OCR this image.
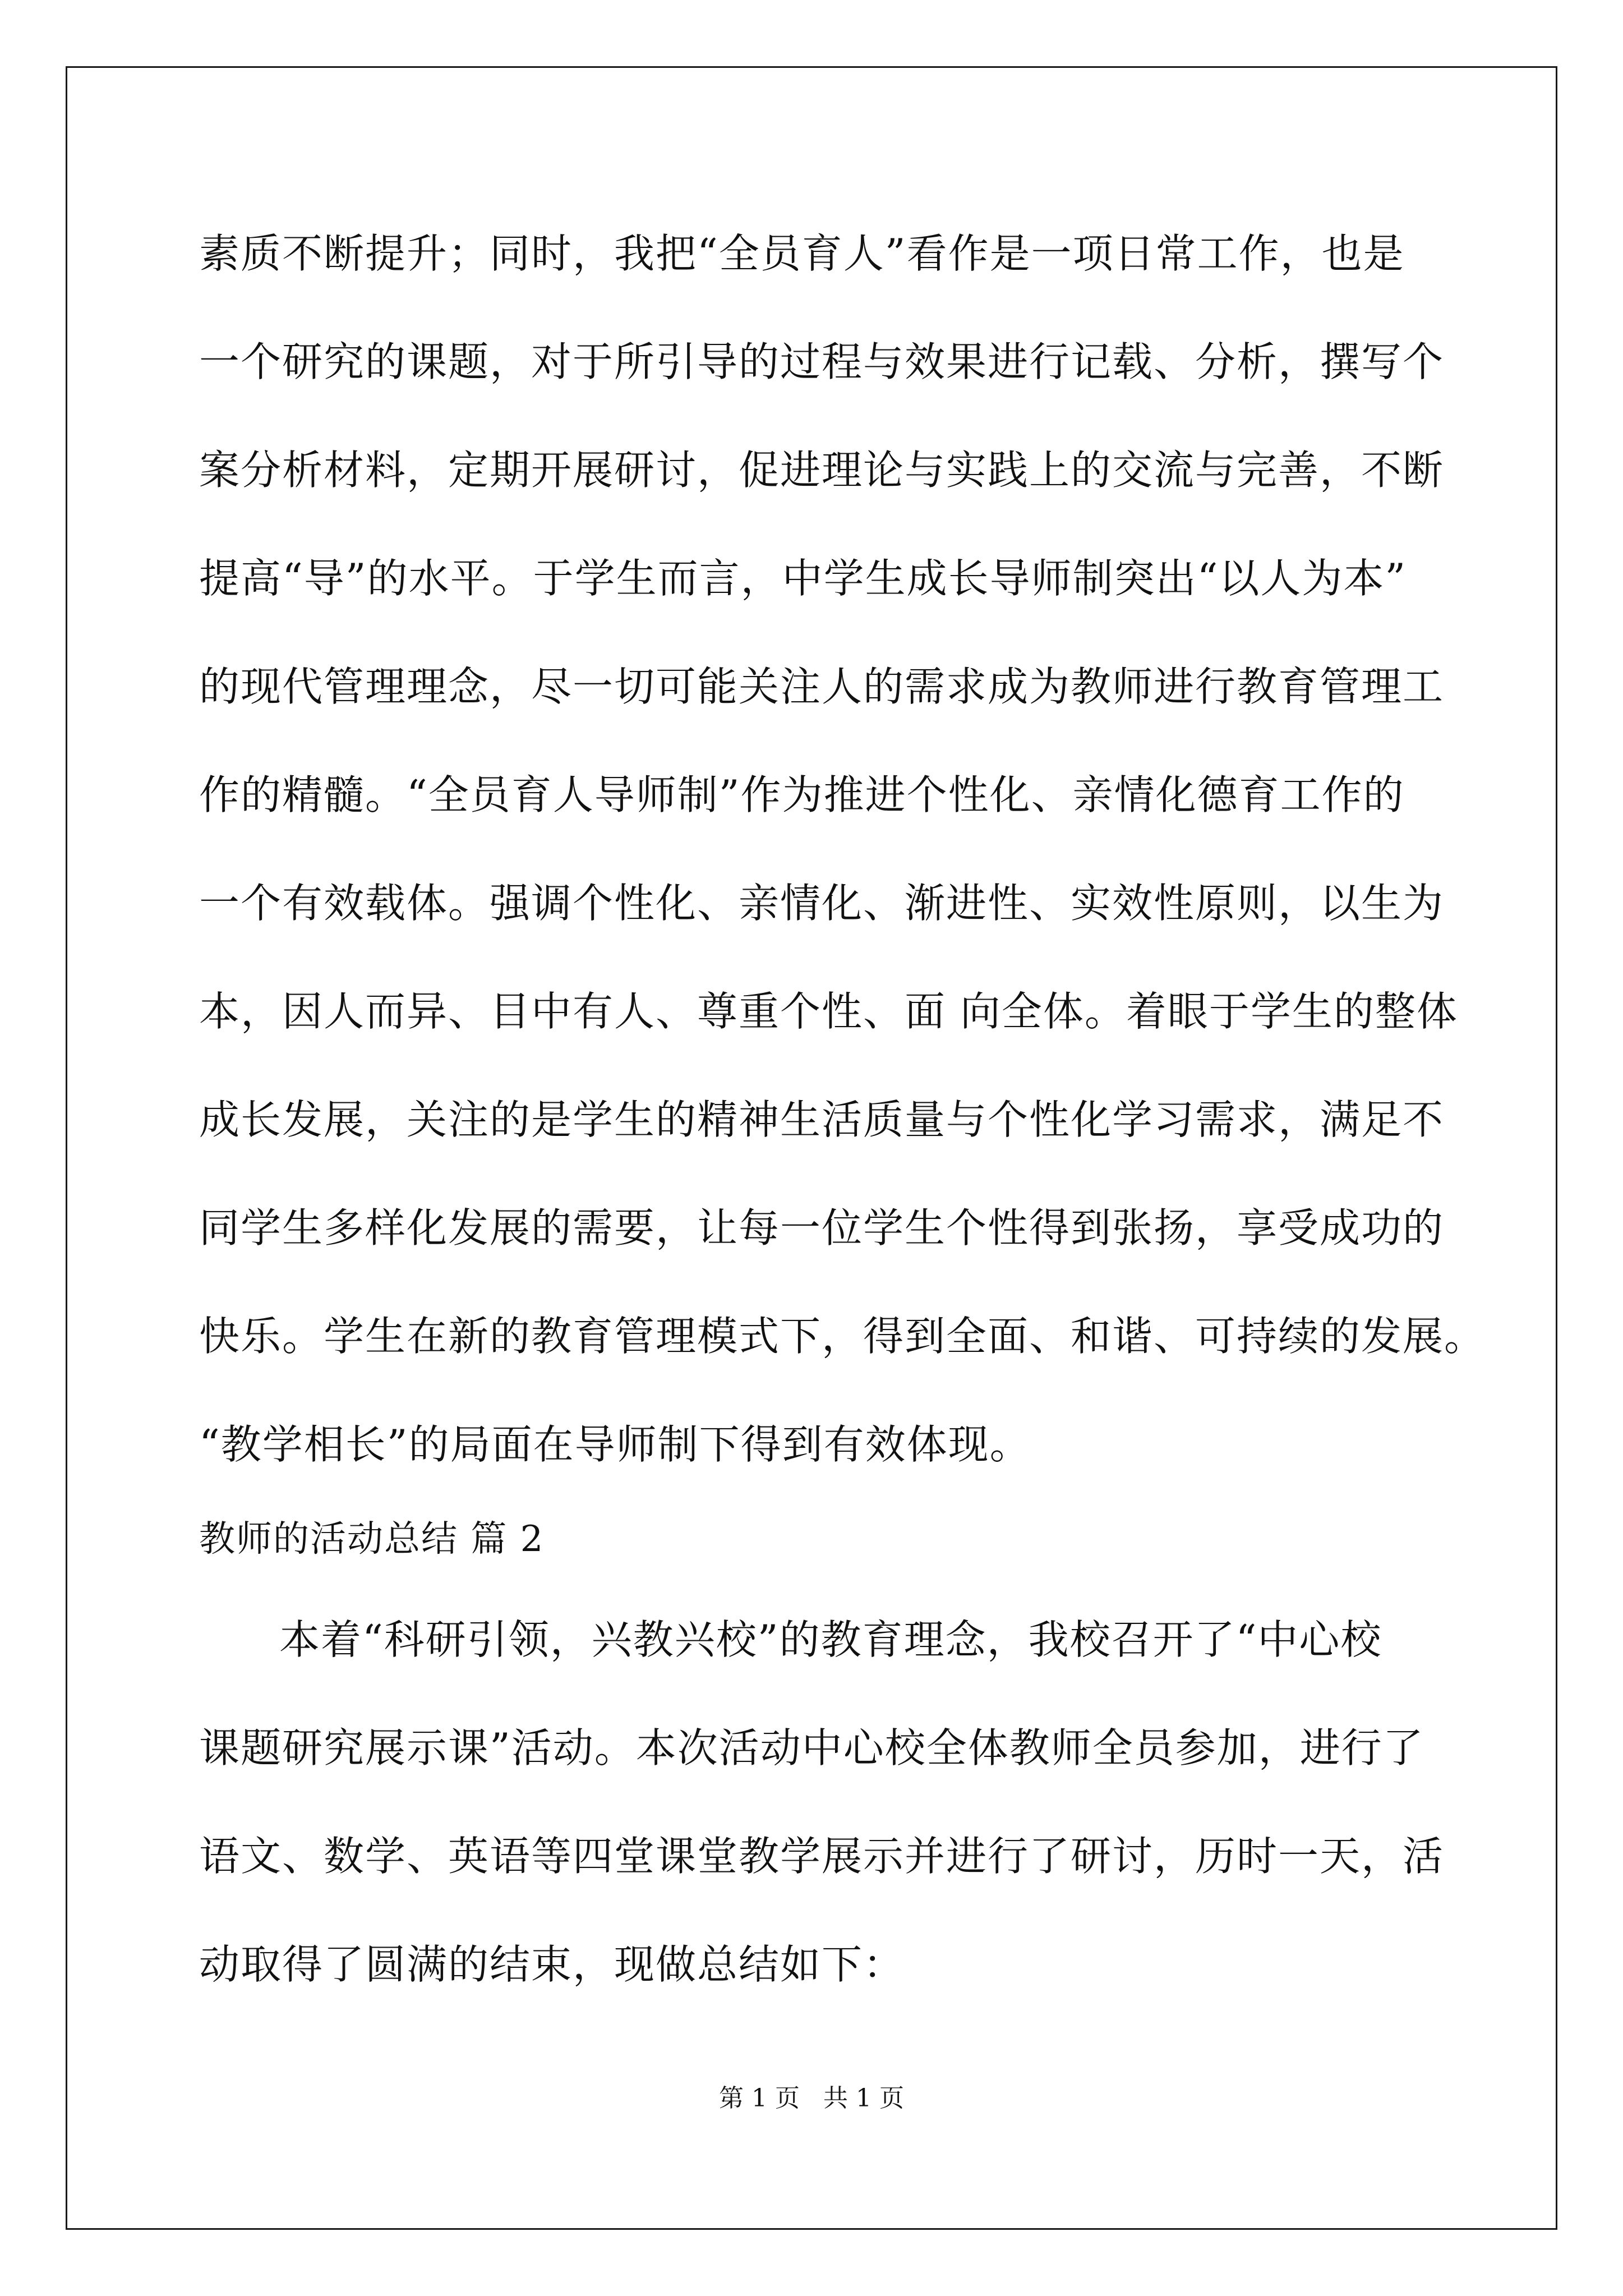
素质不断提升；同时，我把“全员育人”看作是一项日常工作，也是
一个研究的课题，对于所引导的过程与效果进行记载、分析，撰写个
案分析材料，定期开展研讨，促进理论与实践上的交流与完善，不断
提高“导”的水平。于学生而言，中学生成长导师制突出“以人为本”
的现代管理理念，尽一切可能关注人的需求成为教师进行教育管理工
作的精髓。“全员育人导师制”作为推进个性化、亲情化德育工作的
一个有效载体。强调个性化、亲情化、渐进性、实效性原则，以生为
本，因人而异、目中有人、尊重个性、面 向全体。着眼于学生的整体
成长发展，关注的是学生的精神生活质量与个性化学习需求，满足不
同学生多样化发展的需要，让每一位学生个性得到张扬，享受成功的
快乐。学生在新的教育管理模式下，得到全面、和谐、可持续的发展。
“教学相长”的局面在导师制下得到有效体现。
教师的活动总结 篇 2
本着“科研引领，兴教兴校”的教育理念，我校召开了“中心校
课题研究展示课”活动。本次活动中心校全体教师全员参加，进行了
语文、数学、英语等四堂课堂教学展示并进行了研讨，历时一天，活
动取得了圆满的结束，现做总结如下：
第 1 页 共 1 页
